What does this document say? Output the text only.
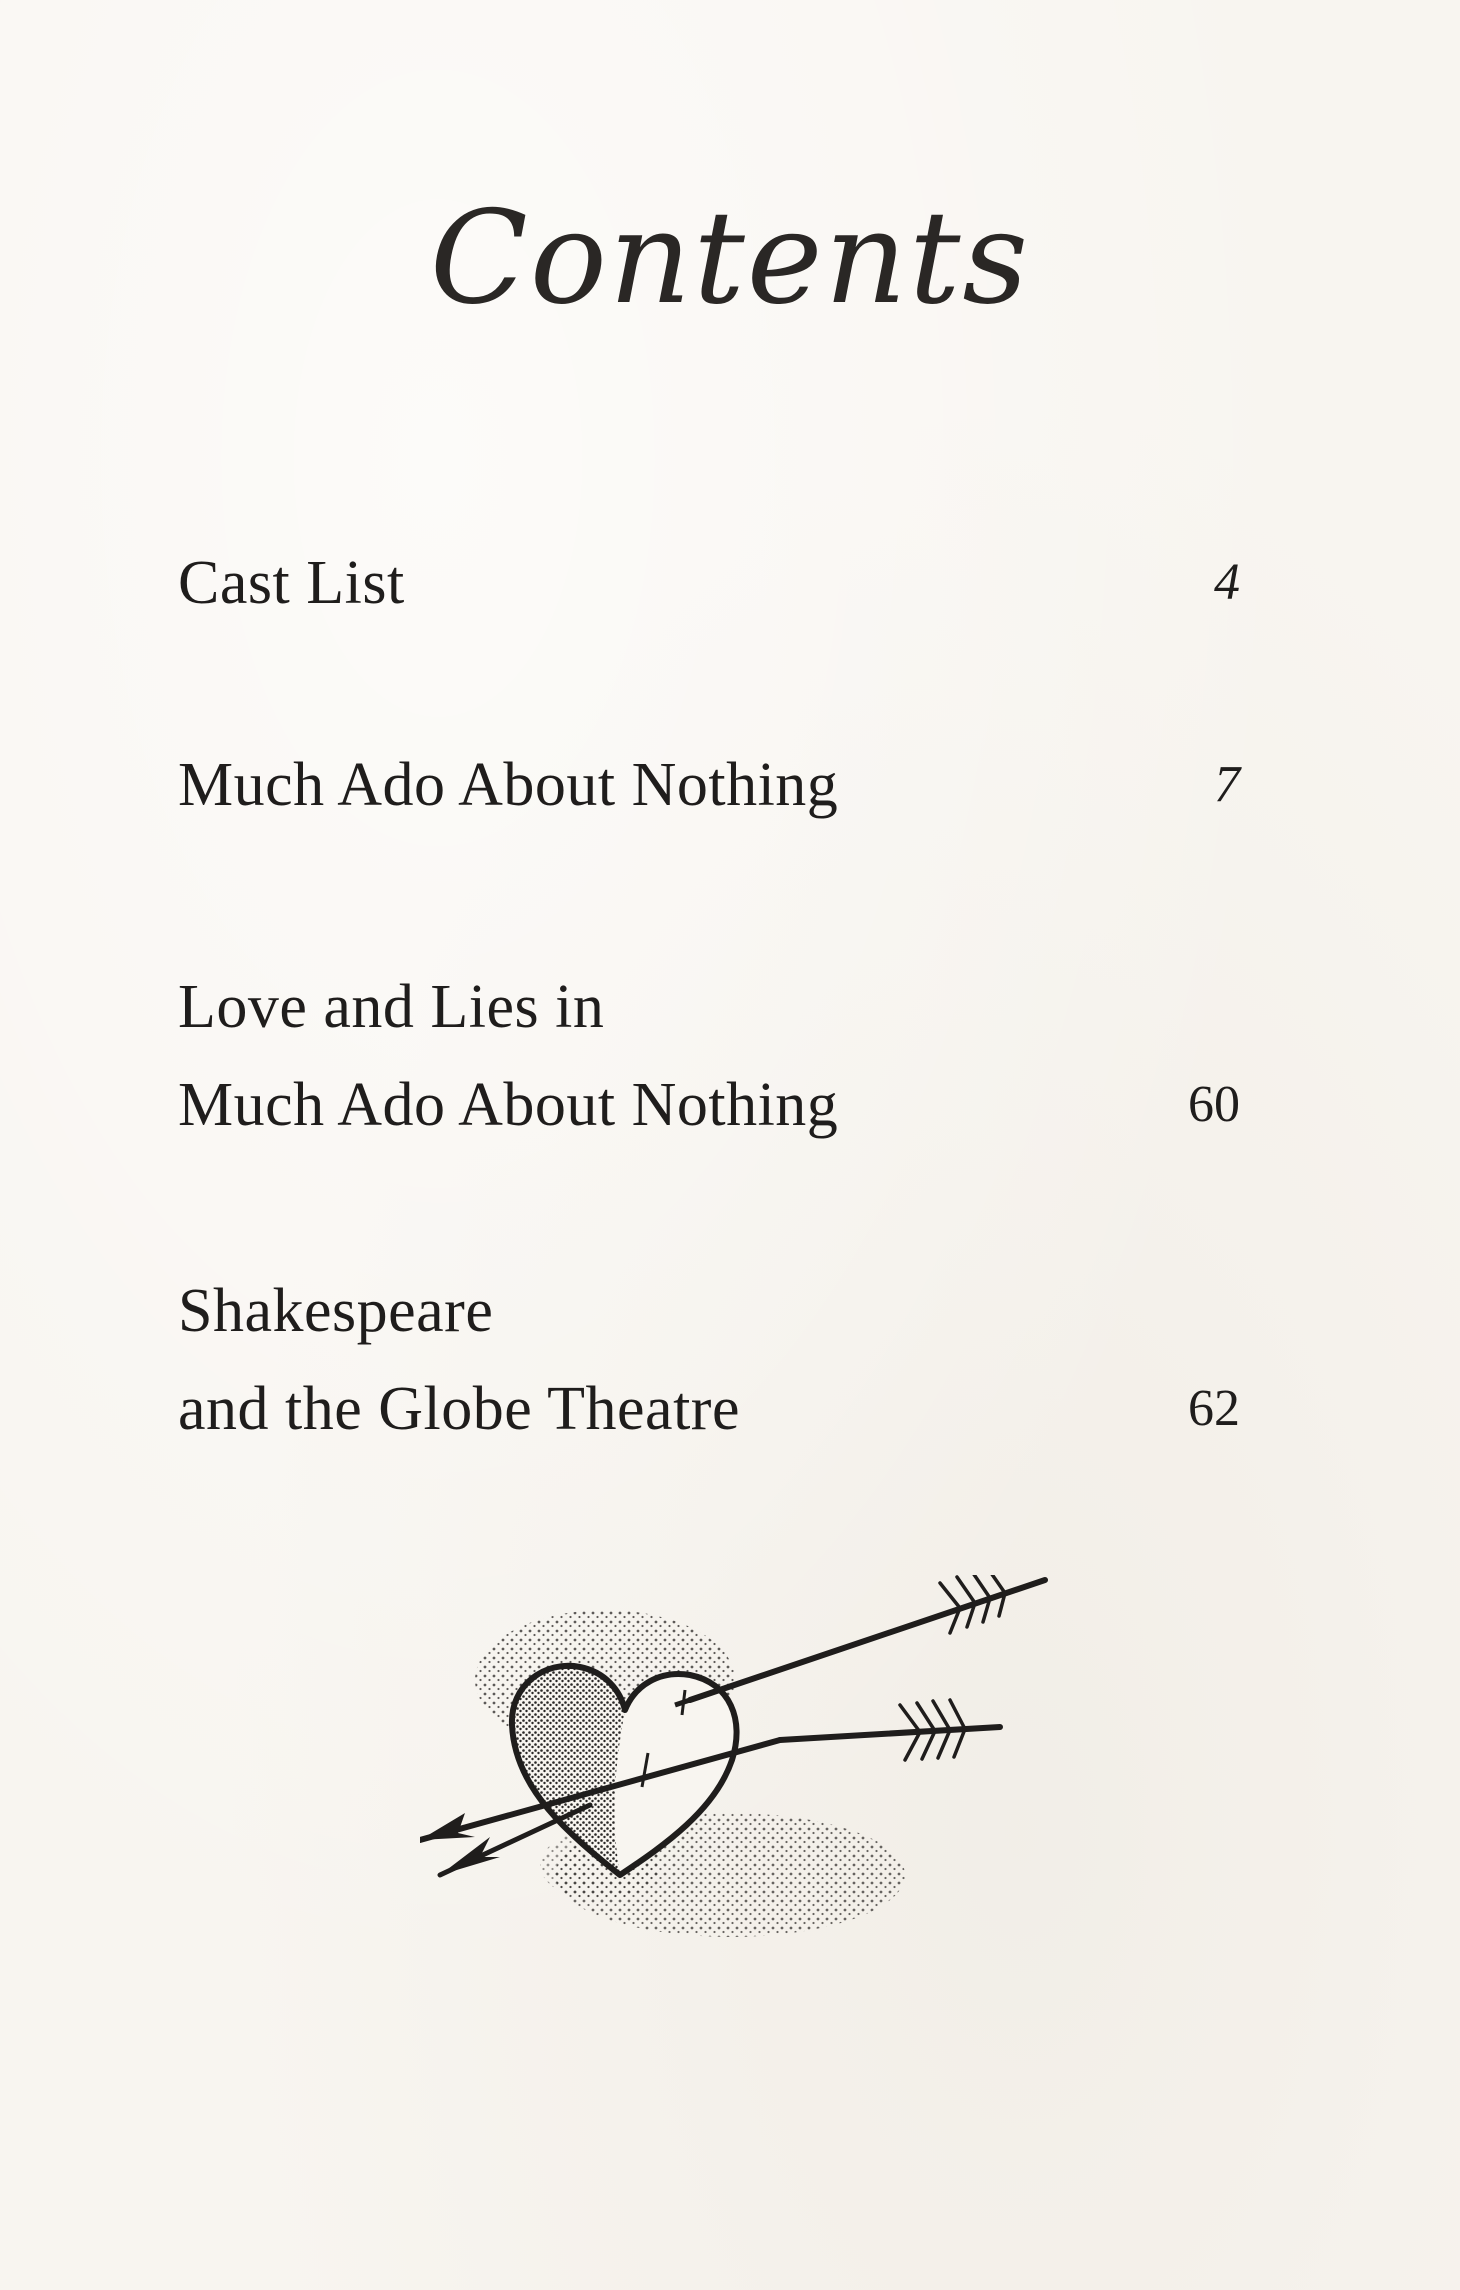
Contents
Cast List	4
Much Ado About Nothing	7
Love and Lies in
Much Ado About Nothing	60
Shakespeare
and the Globe Theatre	62
